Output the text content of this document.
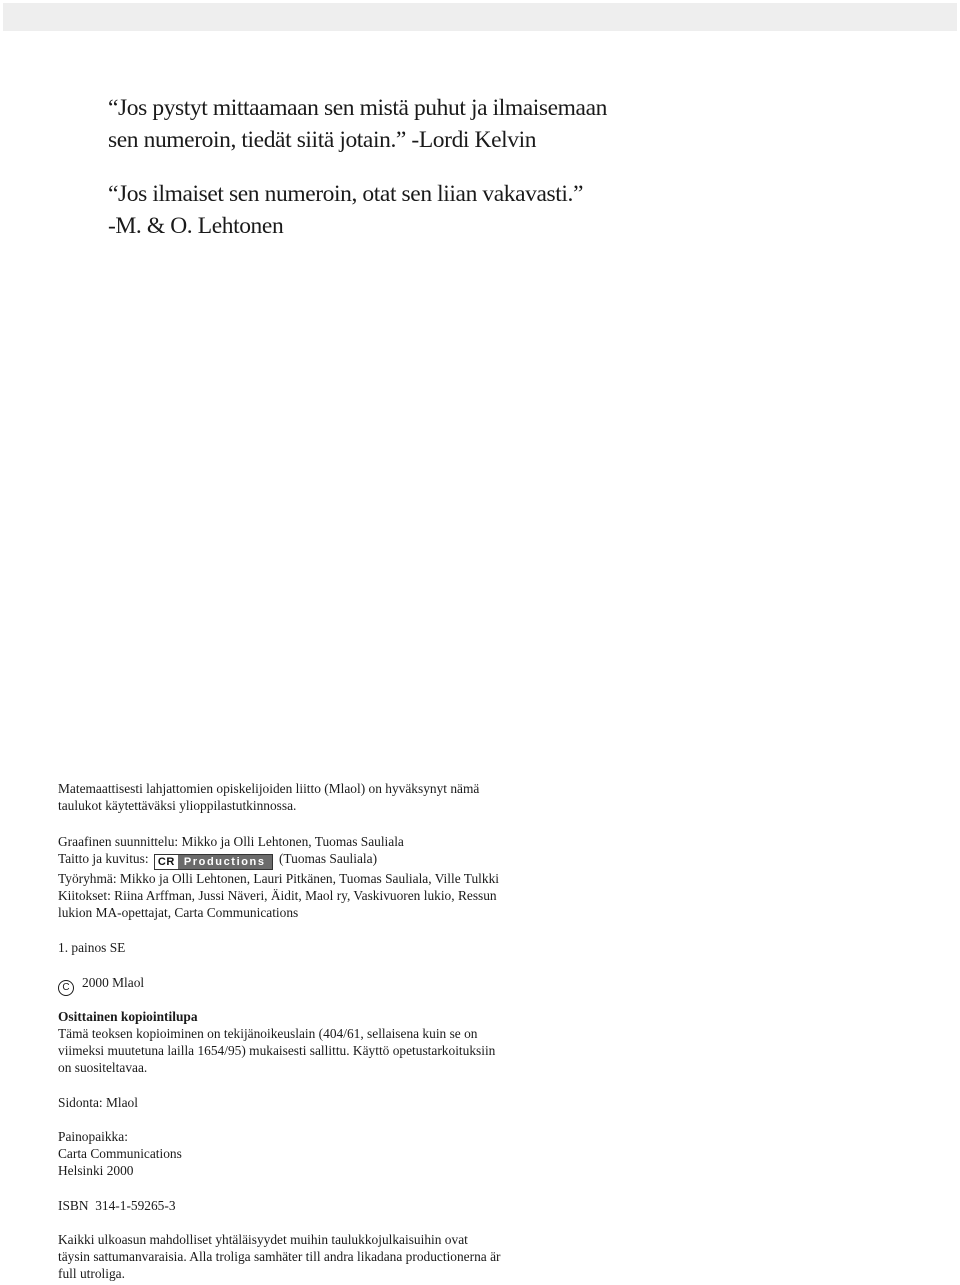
“Jos pystyt mittaamaan sen mistä puhut ja ilmaisemaan
sen numeroin, tiedät siitä jotain.” -Lordi Kelvin

“Jos ilmaiset sen numeroin, otat sen liian vakavasti.”
-M. & O. Lehtonen

Matemaattisesti lahjattomien opiskelijoiden liitto (Mlaol) on hyväksynyt nämä
taulukot käytettäväksi ylioppilastutkinnossa.
Graafinen suunnittelu: Mikko ja Olli Lehtonen, Tuomas Sauliala
Taitto ja kuvitus: CR Productions (Tuomas Sauliala)
Työryhmä: Mikko ja Olli Lehtonen, Lauri Pitkänen, Tuomas Sauliala, Ville Tulkki
Kiitokset: Riina Arffman, Jussi Näveri, Äidit, Maol ry, Vaskivuoren lukio, Ressun
lukion MA-opettajat, Carta Communications
1. painos SE
C 2000 Mlaol
Osittainen kopiointilupa
Tämä teoksen kopioiminen on tekijänoikeuslain (404/61, sellaisena kuin se on
viimeksi muutetuna lailla 1654/95) mukaisesti sallittu. Käyttö opetustarkoituksiin
on suositeltavaa.
Sidonta: Mlaol
Painopaikka:
Carta Communications
Helsinki 2000
ISBN  314-1-59265-3
Kaikki ulkoasun mahdolliset yhtäläisyydet muihin taulukkojulkaisuihin ovat
täysin sattumanvaraisia. Alla troliga samhäter till andra likadana productionerna är
full utroliga.
